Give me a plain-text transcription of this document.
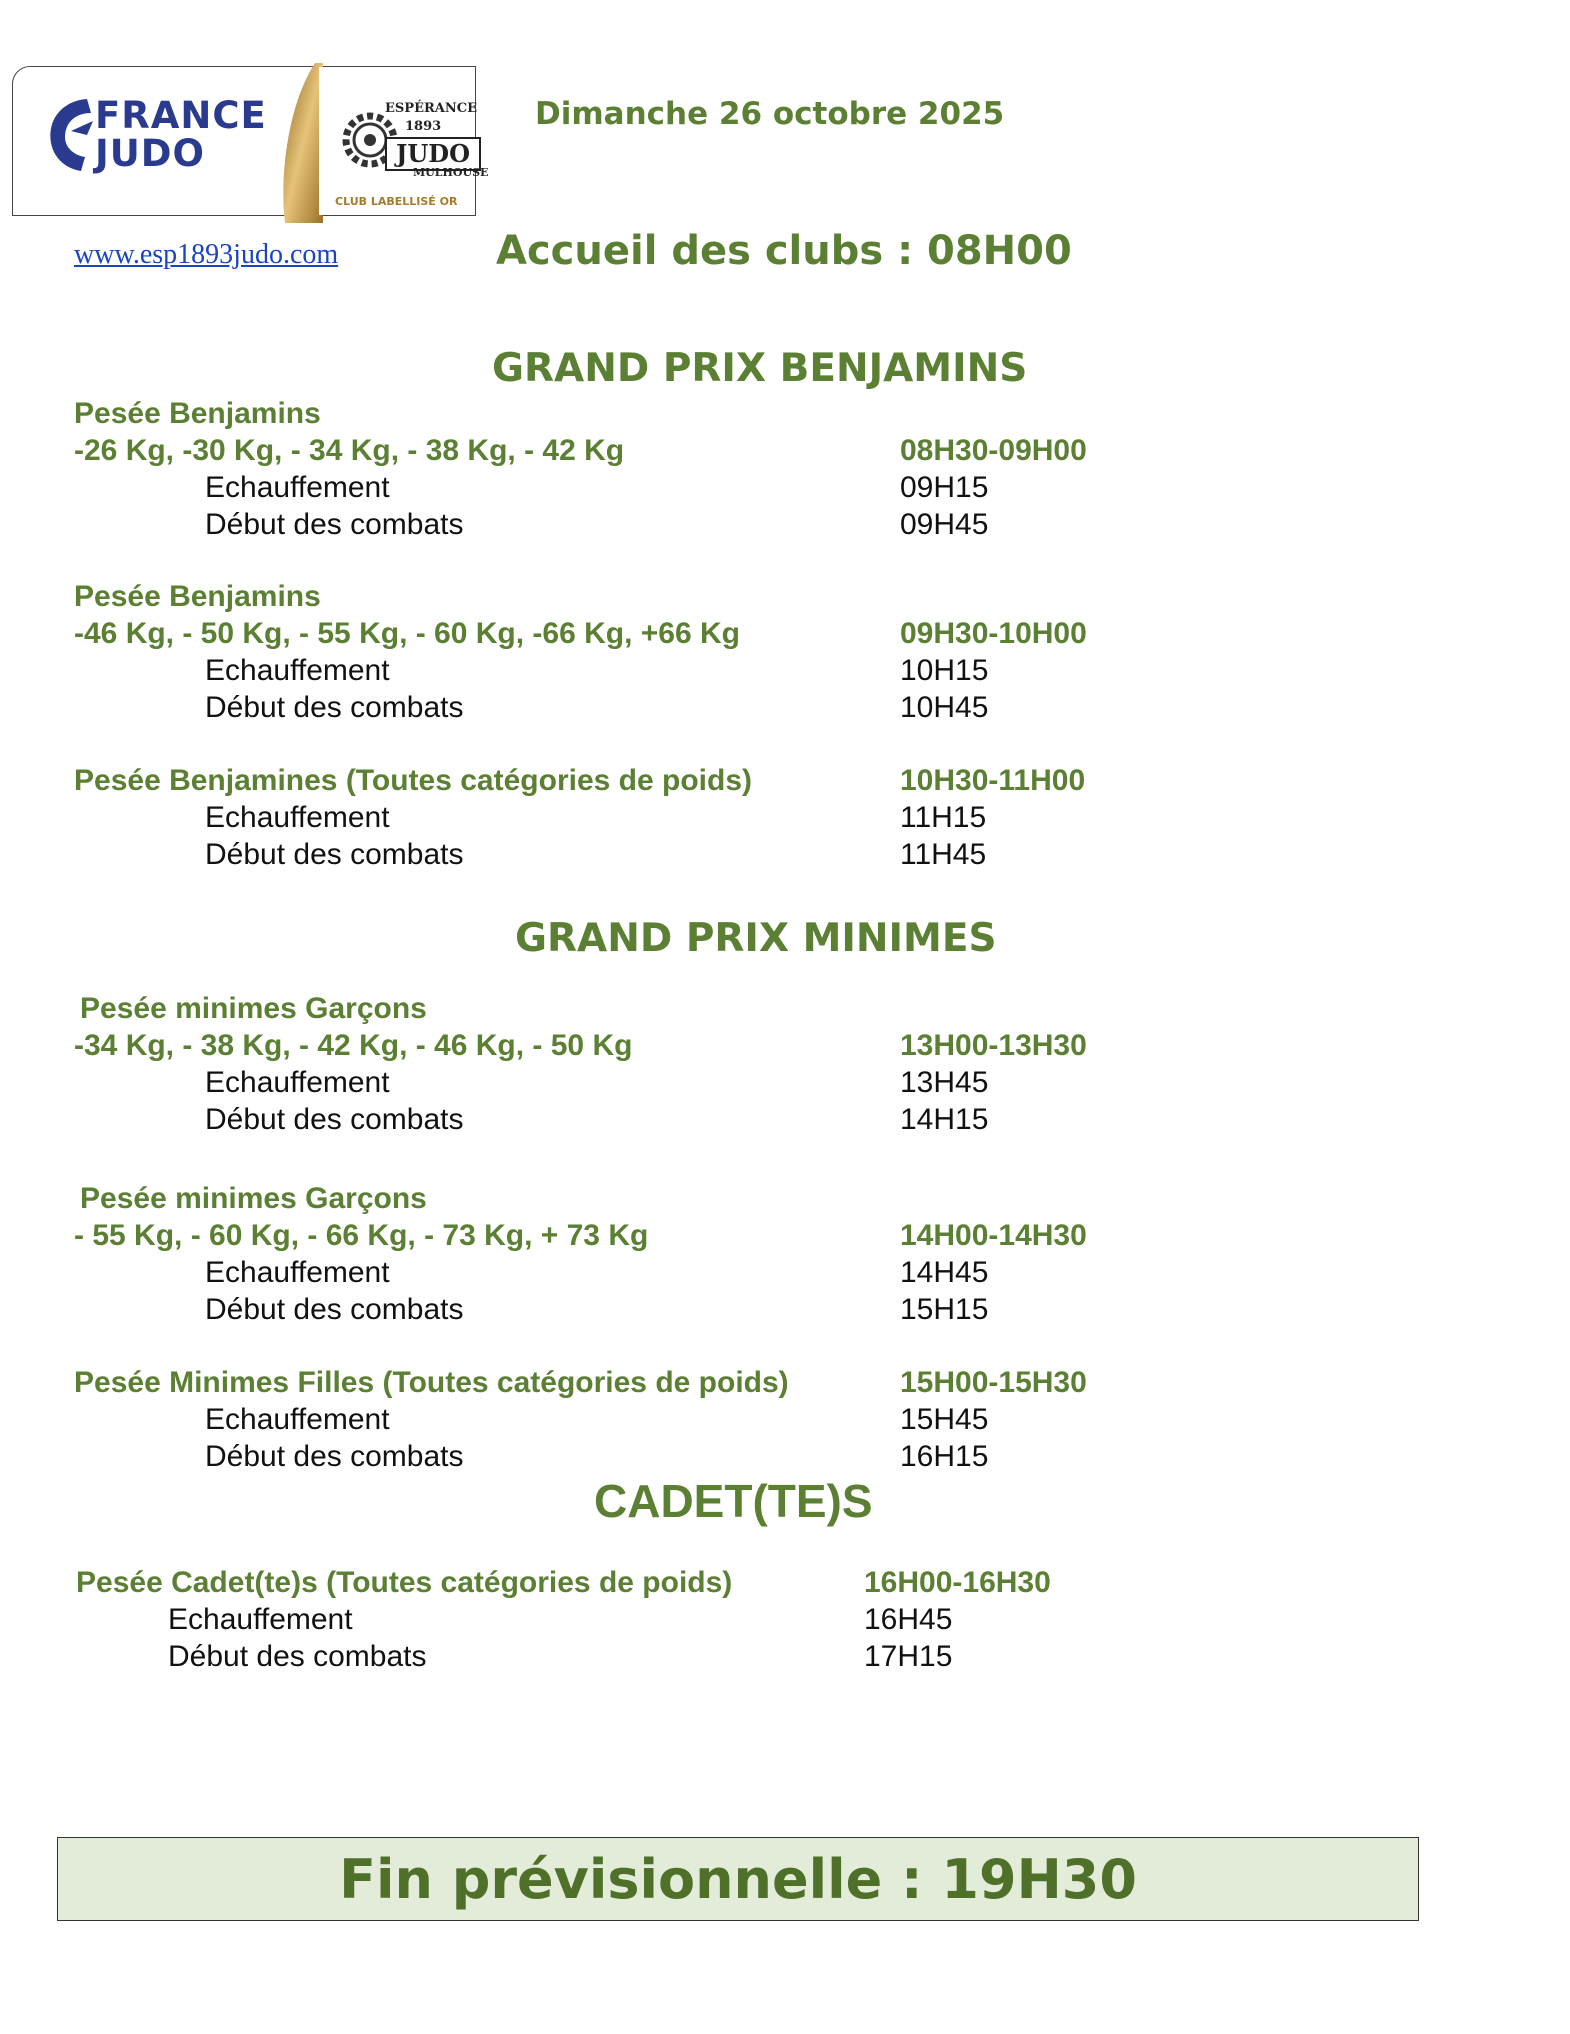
FRANCE
JUDO
ESPÉRANCE
1893
JUDO
MULHOUSE
CLUB LABELLISÉ OR
Dimanche 26 octobre 2025
www.esp1893judo.com	Accueil des clubs : 08H00
GRAND PRIX BENJAMINS
Pesée Benjamins
-26 Kg, -30 Kg, - 34 Kg, - 38 Kg, - 42 Kg	08H30-09H00
Echauffement	09H15
Début des combats	09H45
Pesée Benjamins
-46 Kg, - 50 Kg, - 55 Kg, - 60 Kg, -66 Kg, +66 Kg	09H30-10H00
Echauffement	10H15
Début des combats	10H45
Pesée Benjamines (Toutes catégories de poids)	10H30-11H00
Echauffement	11H15
Début des combats	11H45
GRAND PRIX MINIMES
Pesée minimes Garçons
-34 Kg, - 38 Kg, - 42 Kg, - 46 Kg, - 50 Kg	13H00-13H30
Echauffement	13H45
Début des combats	14H15
Pesée minimes Garçons
- 55 Kg, - 60 Kg, - 66 Kg, - 73 Kg, + 73 Kg	14H00-14H30
Echauffement	14H45
Début des combats	15H15
Pesée Minimes Filles (Toutes catégories de poids)	15H00-15H30
Echauffement	15H45
Début des combats	16H15
CADET(TE)S
Pesée Cadet(te)s (Toutes catégories de poids)	16H00-16H30
Echauffement	16H45
Début des combats	17H15
Fin prévisionnelle : 19H30
